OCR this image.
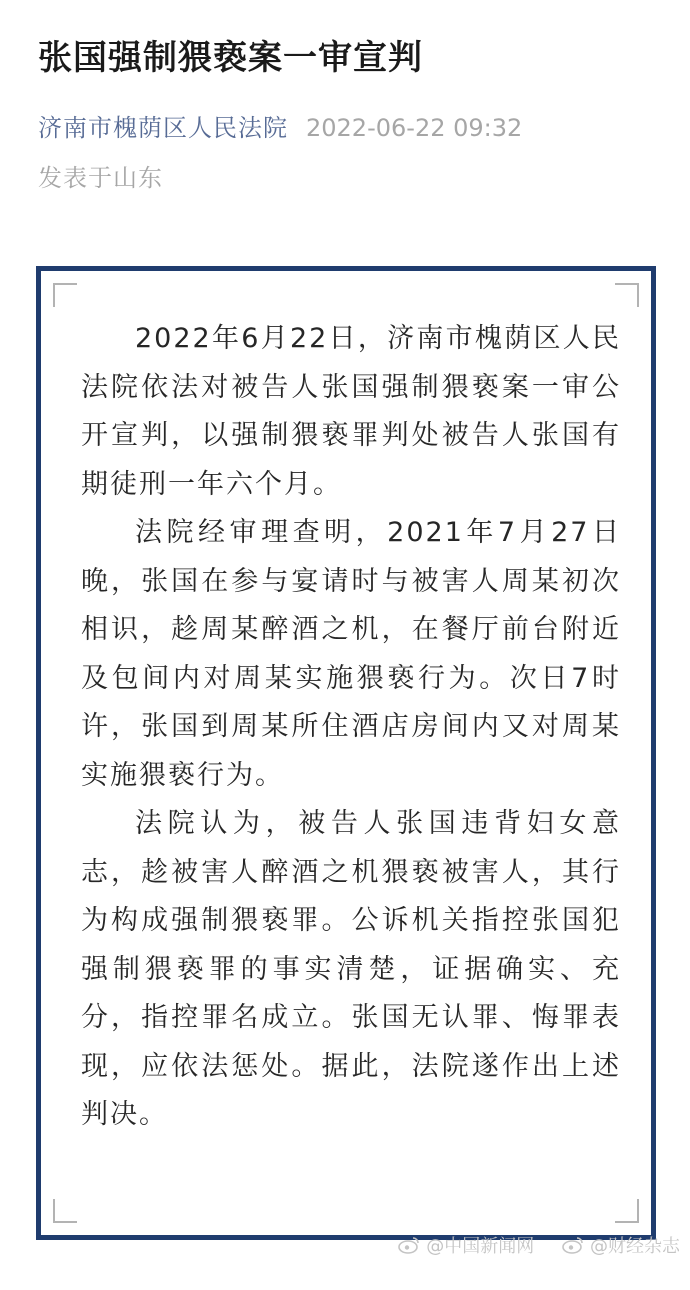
张国强制猥亵案一审宣判
济南市槐荫区人民法院 2022-06-22 09:32
发表于山东

2022年6月22日，济南市槐荫区人民法院依法对被告人张国强制猥亵案一审公开宣判，以强制猥亵罪判处被告人张国有期徒刑一年六个月。

法院经审理查明，2021年7月27日晚，张国在参与宴请时与被害人周某初次相识，趁周某醉酒之机，在餐厅前台附近及包间内对周某实施猥亵行为。次日7时许，张国到周某所住酒店房间内又对周某实施猥亵行为。

法院认为，被告人张国违背妇女意志，趁被害人醉酒之机猥亵被害人，其行为构成强制猥亵罪。公诉机关指控张国犯强制猥亵罪的事实清楚，证据确实、充分，指控罪名成立。张国无认罪、悔罪表现，应依法惩处。据此，法院遂作出上述判决。

@中国新闻网
	@财经杂志
